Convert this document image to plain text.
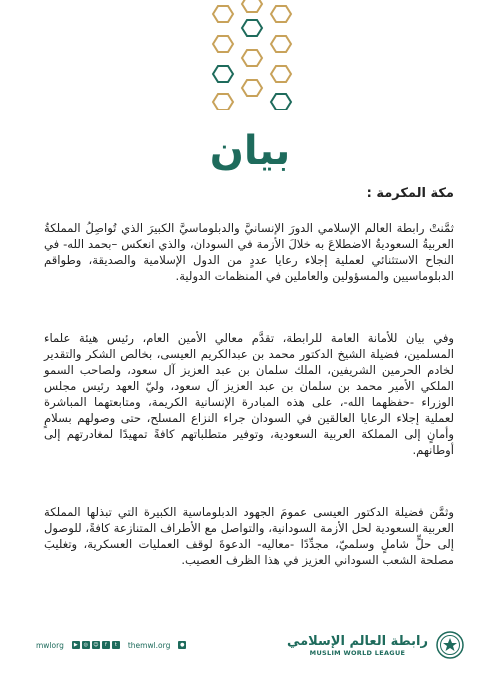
بيان
مكة المكرمة :
ثمَّنتْ رابطة العالم الإسلامي الدورَ الإنسانيَّ والدبلوماسيَّ الكبيرَ الذي تُواصِلُ المملكةُ العربيةُ السعوديةُ الاضطلاعَ به خلالَ الأزمة في السودان، والذي انعكس –بحمد الله- في النجاح الاستثنائي لعملية إجلاء رعايا عددٍ من الدول الإسلامية والصديقة، وطواقم الدبلوماسيين والمسؤولين والعاملين في المنظمات الدولية.
وفي بيان للأمانة العامة للرابطة، تقدَّم معالي الأمين العام، رئيس هيئة علماء المسلمين، فضيلة الشيخ الدكتور محمد بن عبدالكريم العيسى، بخالص الشكر والتقدير لخادم الحرمين الشريفين، الملك سلمان بن عبد العزيز آل سعود، ولصاحب السمو الملكي الأمير محمد بن سلمان بن عبد العزيز آل سعود، وليّ العهد رئيس مجلس الوزراء -حفظهما الله-، على هذه المبادرة الإنسانية الكريمة، ومتابعتهما المباشرة لعملية إجلاء الرعايا العالقين في السودان جراء النزاع المسلح، حتى وصولهم بسلامٍ وأمانٍ إلى المملكة العربية السعودية، وتوفير متطلباتهم كافةً تمهيدًا لمغادرتهم إلى أوطانهم.
وثمَّن فضيلة الدكتور العيسى عمومَ الجهود الدبلوماسية الكبيرة التي تبذلها المملكة العربية السعودية لحل الأزمة السودانية، والتواصل مع الأطراف المتنازعة كافةً، للوصول إلى حلٍّ شاملٍ وسلميّ، مجدِّدًا -معاليه- الدعوةَ لوقف العمليات العسكرية، وتغليبَ مصلحة الشعب السوداني العزيز في هذا الظرف العصيب.
mwlorg	▶	◎	☺	f	t	themwl.org	●	رابطة العالم الإسلامي
MUSLIM WORLD LEAGUE
